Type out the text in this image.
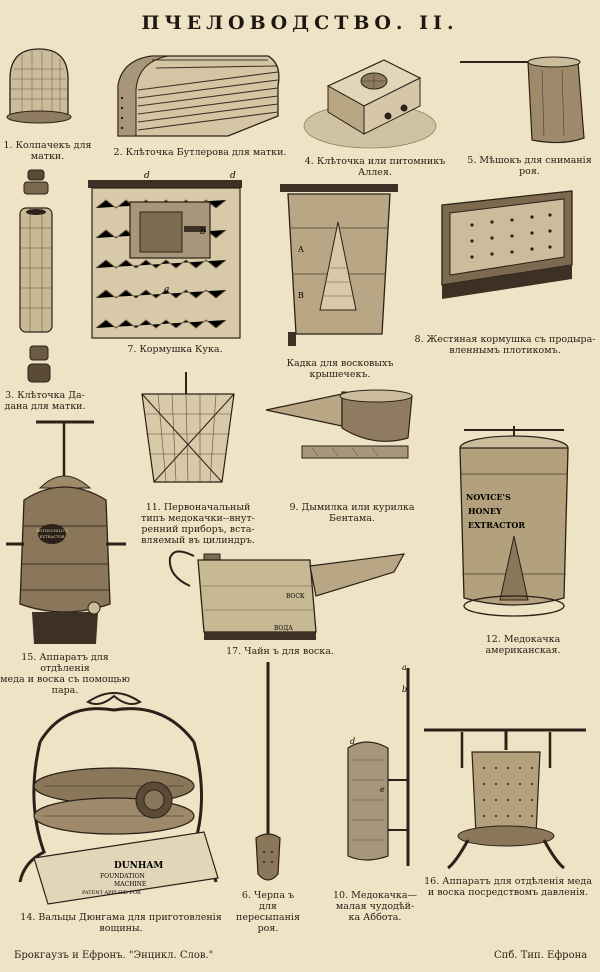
ПЧЕЛОВОДСТВО. II.
1. Колпачекъ для
матки.	2. Клѣточка Бутлерова для матки.
4. Клѣточка или питомникъ
Аллея.
5. Мѣшокъ для сниманія
роя.
3. Клѣточка Да-
дана для матки.
d	d
b
a
7. Кормушка Кука.
A
B
Кадка для восковыхъ
крышечекъ.
8. Жестяная кормушка съ продыра-
вленнымъ плотикомъ.
11. Первоначальный
типъ медокачки--внут-
ренний приборъ, вста-
вляемый въ цилиндръ.
9. Дымилка или курилка
Бентама.
ROTHSCHILD'S
EXTRACTOR
15. Аппаратъ для отдѣленія
меда и воска съ помощью
пара.
ВОСК
ВОДА
17. Чайн ъ для воска.
NOVICE'S
HONEY
EXTRACTOR
12. Медокачка американская.
DUNHAM
FOUNDATION
MACHINE
PATENT APPLIED FOR
14. Вальцы Дюнгама для приготовленія
вощины.
6. Черпа ъ для
пересыпанія
роя.
a
b
d
e
10. Медокачка—
малая чудодѣй-
ка Абботa.
16. Аппаратъ для отдѣленія меда
и воска посредствомъ давленія.
Брокгаузъ и Ефронъ. "Энцикл. Слов."	Спб. Тип. Ефрона
